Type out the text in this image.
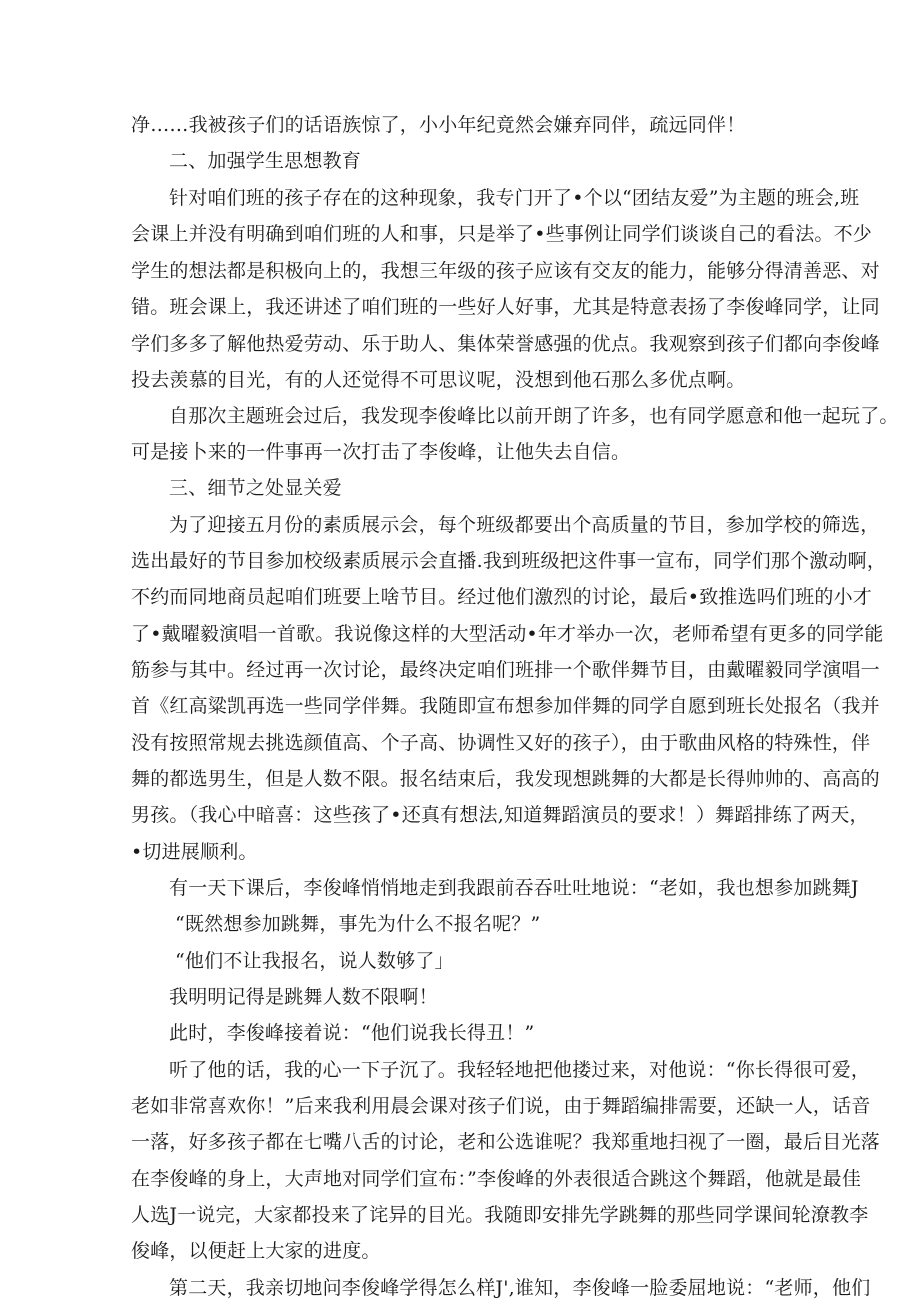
净……我被孩子们的话语族惊了，小小年纪竟然会嫌弃同伴，疏远同伴！
二、加强学生思想教育
针对咱们班的孩子存在的这种现象，我专门开了•个以“团结友爱”为主题的班会,班
会课上并没有明确到咱们班的人和事，只是举了•些事例让同学们谈谈自己的看法。不少
学生的想法都是积极向上的，我想三年级的孩子应该有交友的能力，能够分得清善恶、对
错。班会课上，我还讲述了咱们班的一些好人好事，尤其是特意表扬了李俊峰同学，让同
学们多多了解他热爱劳动、乐于助人、集体荣誉感强的优点。我观察到孩子们都向李俊峰
投去羡慕的目光，有的人还觉得不可思议呢，没想到他石那么多优点啊。
自那次主题班会过后，我发现李俊峰比以前开朗了许多，也有同学愿意和他一起玩了。
可是接卜来的一件事再一次打击了李俊峰，让他失去自信。
三、细节之处显关爱
为了迎接五月份的素质展示会，每个班级都要出个高质量的节目，参加学校的筛选，
选出最好的节目参加校级素质展示会直播.我到班级把这件事一宣布，同学们那个激动啊，
不约而同地商员起咱们班要上啥节目。经过他们激烈的讨论，最后•致推选吗们班的小才
了•戴曜毅演唱一首歌。我说像这样的大型活动•年才举办一次，老师希望有更多的同学能
筋参与其中。经过再一次讨论，最终决定咱们班排一个歌伴舞节目，由戴曜毅同学演唱一
首《红高粱凯再选一些同学伴舞。我随即宣布想参加伴舞的同学自愿到班长处报名（我并
没有按照常规去挑选颜值高、个子高、协调性又好的孩子），由于歌曲风格的特殊性，伴
舞的都选男生，但是人数不限。报名结束后，我发现想跳舞的大都是长得帅帅的、高高的
男孩。（我心中暗喜：这些孩了•还真有想法,知道舞蹈演员的要求！）舞蹈排练了两天，
•切进展顺利。
有一天下课后，李俊峰悄悄地走到我跟前吞吞吐吐地说：“老如，我也想参加跳舞J
“既然想参加跳舞，事先为什么不报名呢？”
“他们不让我报名，说人数够了｣
我明明记得是跳舞人数不限啊！
此时，李俊峰接着说：“他们说我长得丑！”
听了他的话，我的心一下子沉了。我轻轻地把他搂过来，对他说：“你长得很可爱，
老如非常喜欢你！”后来我利用晨会课对孩子们说，由于舞蹈编排需要，还缺一人，话音
一落，好多孩子都在七嘴八舌的讨论，老和公选谁呢？我郑重地扫视了一圈，最后目光落
在李俊峰的身上，大声地对同学们宣布：”李俊峰的外表很适合跳这个舞蹈，他就是最佳
人选J一说完，大家都投来了诧异的目光。我随即安排先学跳舞的那些同学课间轮潦教李
俊峰，以便赶上大家的进度。
第二天，我亲切地问李俊峰学得怎么样J',谁知，李俊峰一脸委屈地说：“老师，他们
